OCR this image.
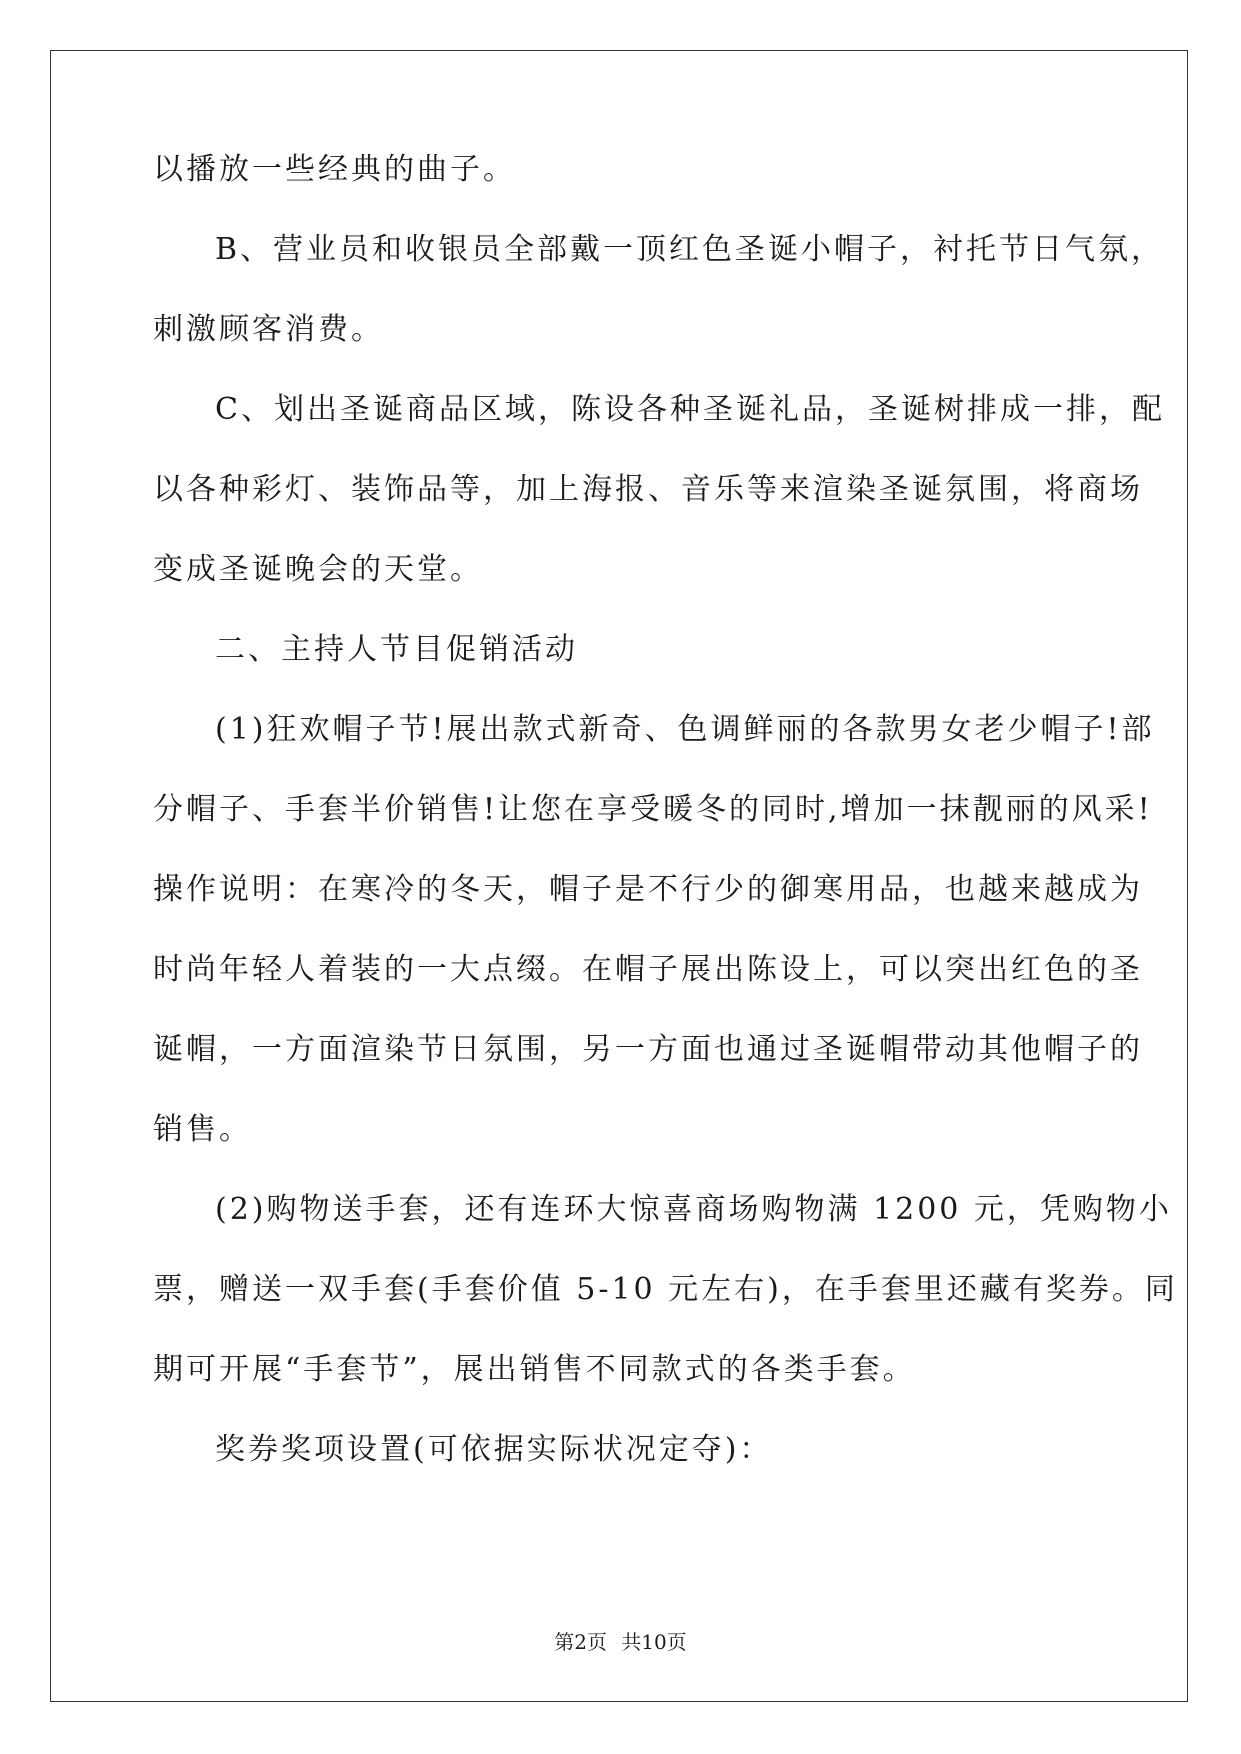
以播放一些经典的曲子。

B、营业员和收银员全部戴一顶红色圣诞小帽子，衬托节日气氛，

刺激顾客消费。

C、划出圣诞商品区域，陈设各种圣诞礼品，圣诞树排成一排，配

以各种彩灯、装饰品等，加上海报、音乐等来渲染圣诞氛围，将商场

变成圣诞晚会的天堂。

二、主持人节目促销活动

(1)狂欢帽子节!展出款式新奇、色调鲜丽的各款男女老少帽子!部

分帽子、手套半价销售!让您在享受暖冬的同时,增加一抹靓丽的风采!

操作说明：在寒冷的冬天，帽子是不行少的御寒用品，也越来越成为

时尚年轻人着装的一大点缀。在帽子展出陈设上，可以突出红色的圣

诞帽，一方面渲染节日氛围，另一方面也通过圣诞帽带动其他帽子的

销售。

(2)购物送手套，还有连环大惊喜商场购物满 1200 元，凭购物小

票，赠送一双手套(手套价值 5-10 元左右)，在手套里还藏有奖券。同

期可开展“手套节”，展出销售不同款式的各类手套。

奖券奖项设置(可依据实际状况定夺)：

第2页 共10页
